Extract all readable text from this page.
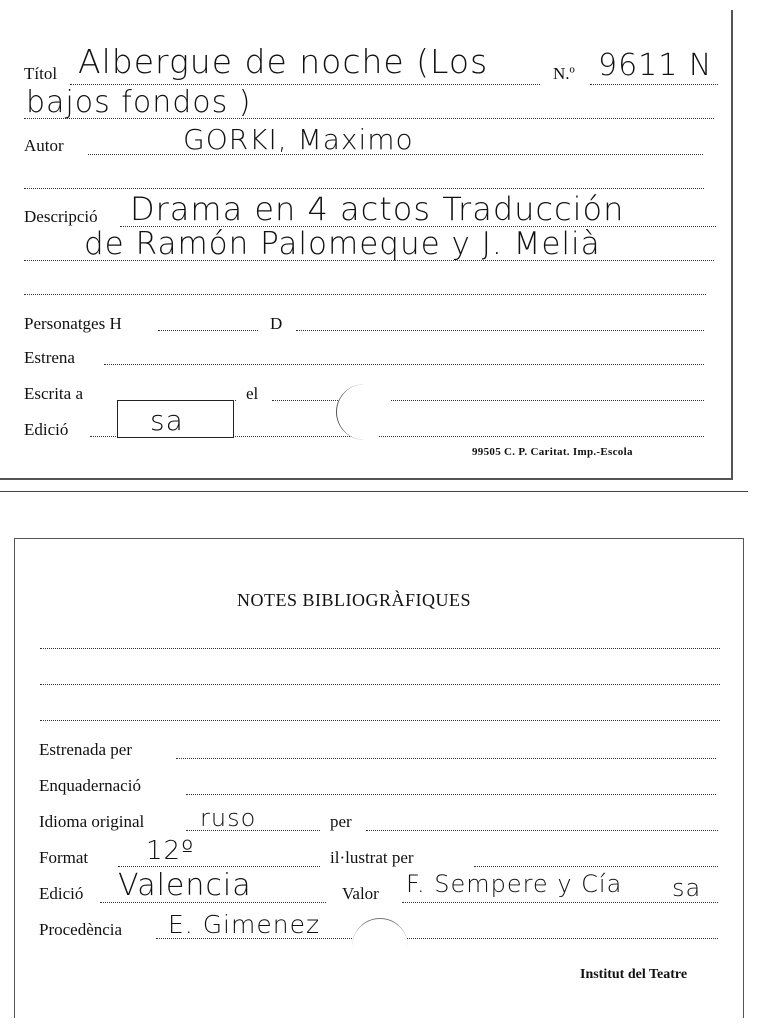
Títol Albergue de noche (Los	N.º 9611 N
bajos fondos )
Autor	GORKI, Maximo
Descripció Drama en 4 actos Traducción
de Ramón Palomeque y J. Melià
Personatges H	D
Estrena
Escrita a	el
Edició	sa
99505 C. P. Caritat. Imp.-Escola
NOTES BIBLIOGRÀFIQUES
Estrenada per
Enquadernació
Idioma original ruso	per
Format 12º	il·lustrat per
Edició Valencia	Valor F. Sempere y Cía sa
Procedència E. Gimenez
Institut del Teatre
